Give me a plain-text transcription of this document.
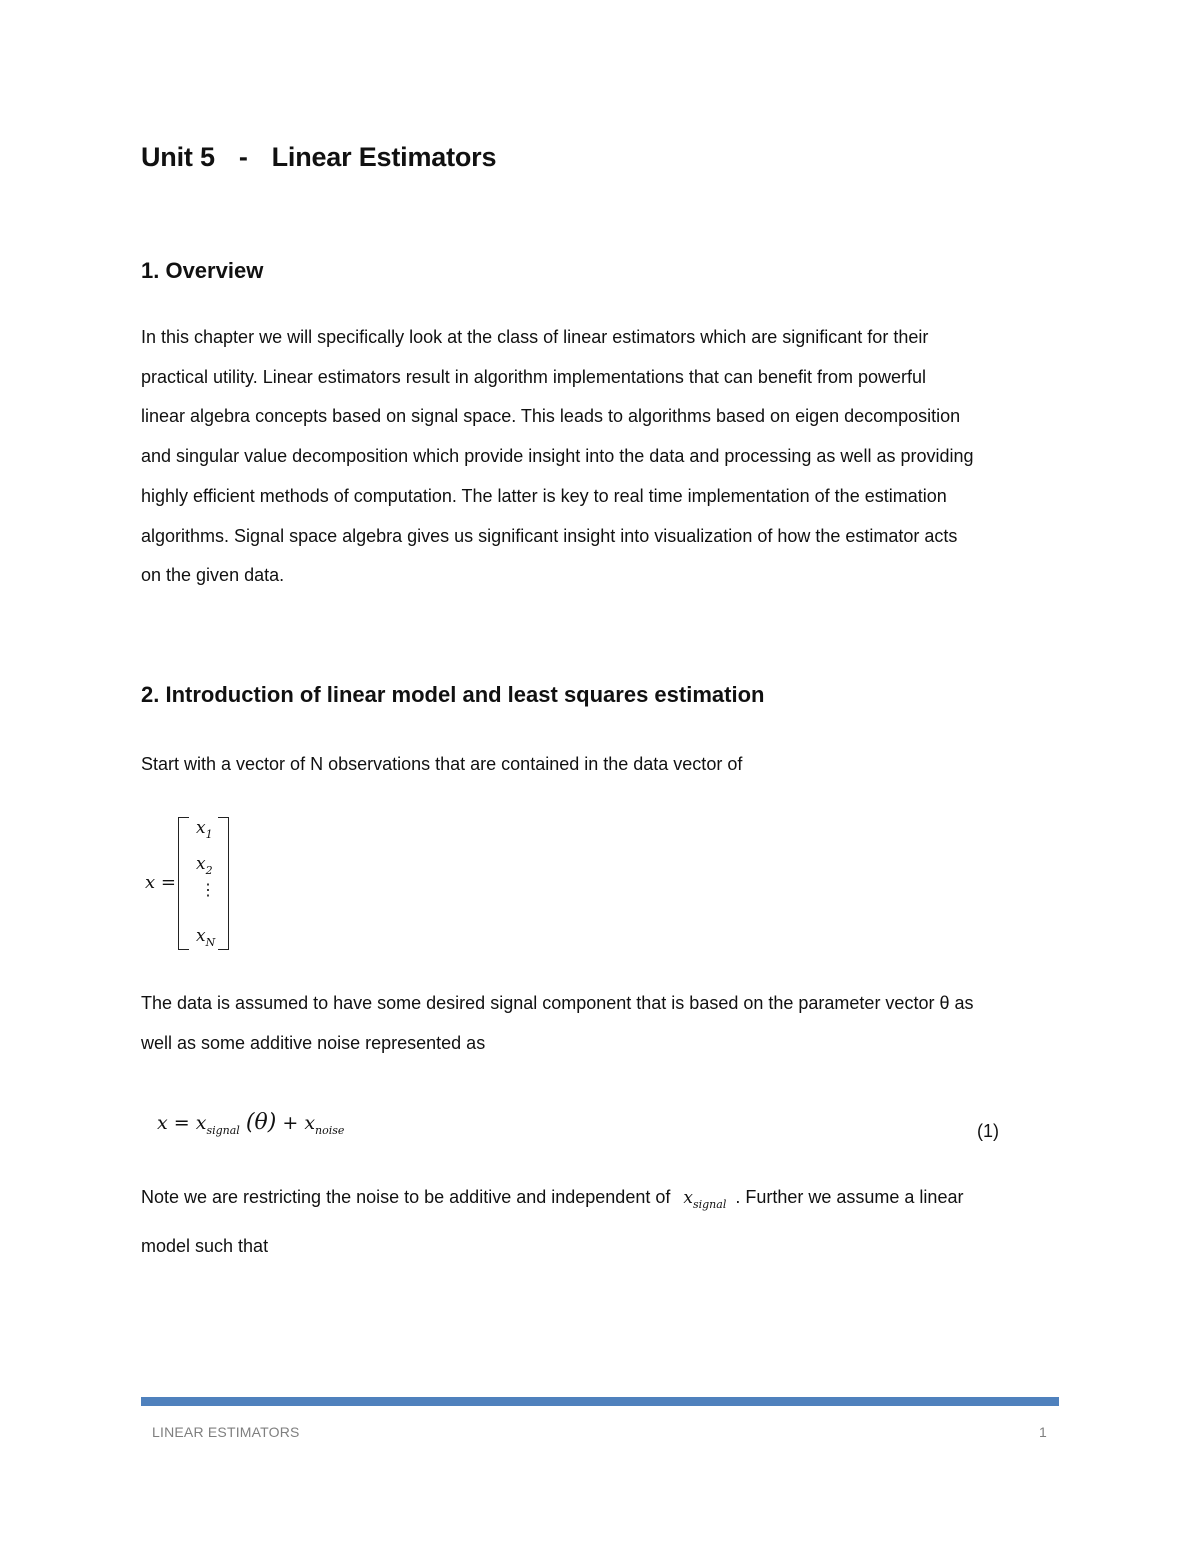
Unit 5 - Linear Estimators
1. Overview
In this chapter we will specifically look at the class of linear estimators which are significant for their
practical utility. Linear estimators result in algorithm implementations that can benefit from powerful
linear algebra concepts based on signal space. This leads to algorithms based on eigen decomposition
and singular value decomposition which provide insight into the data and processing as well as providing
highly efficient methods of computation. The latter is key to real time implementation of the estimation
algorithms. Signal space algebra gives us significant insight into visualization of how the estimator acts
on the given data.
2. Introduction of linear model and least squares estimation
Start with a vector of N observations that are contained in the data vector of
x =
$x_1$
$x_2$
⋮
$x_N$
The data is assumed to have some desired signal component that is based on the parameter vector θ as
well as some additive noise represented as
$x = x_{signal}$ $(\theta) + x_{noise}$	(1)
Note we are restricting the noise to be additive and independent of $x_{signal}$ . Further we assume a linear
model such that
LINEAR ESTIMATORS	1
